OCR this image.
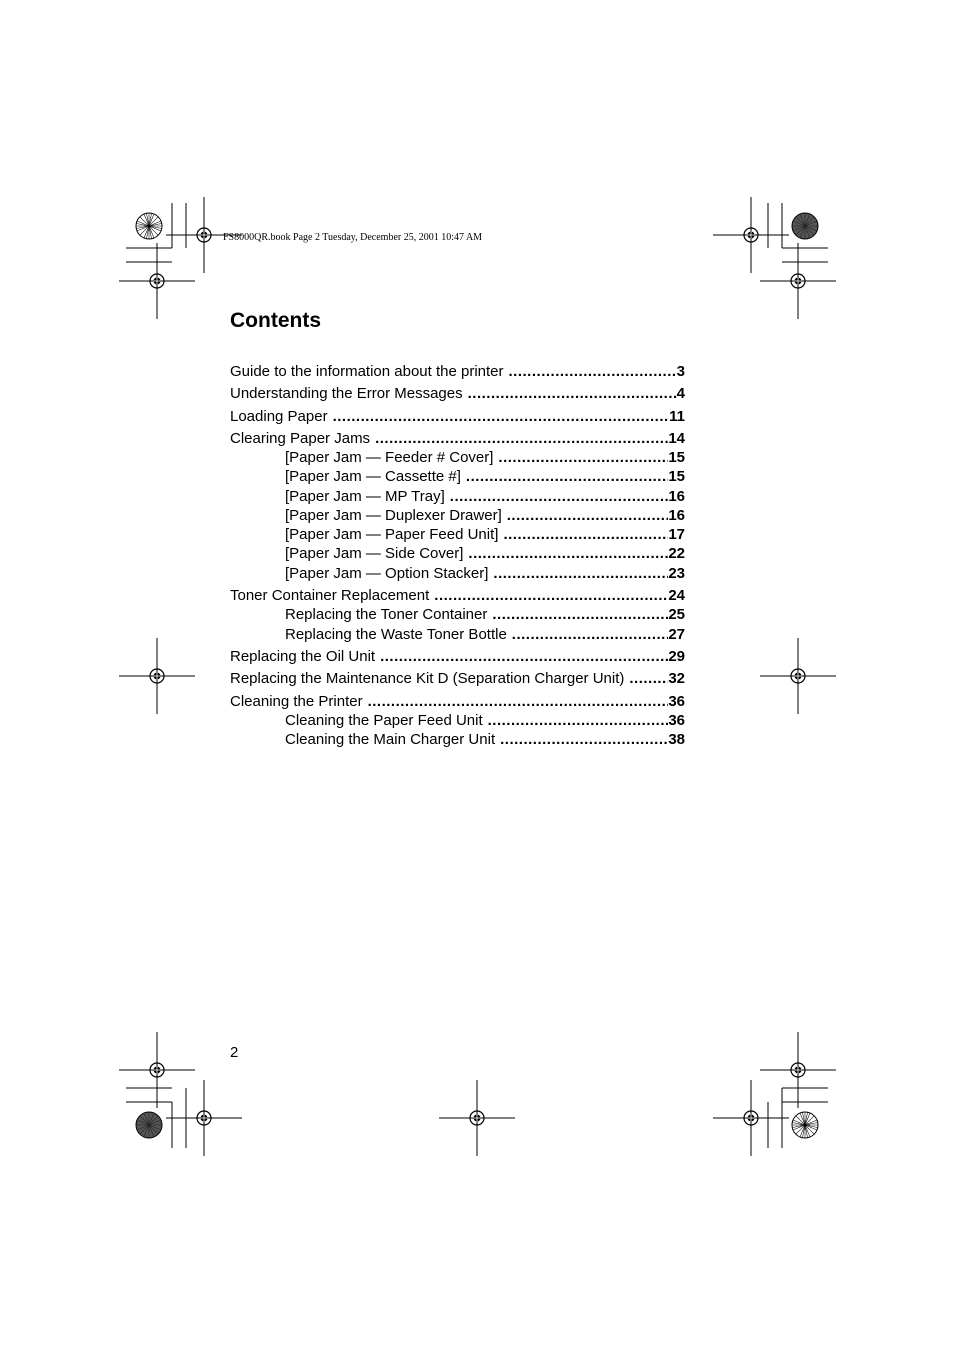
FS8000QR.book Page 2 Tuesday, December 25, 2001 10:47 AM
Contents
Guide to the information about the printer .....	3
Understanding the Error Messages .....	4
Loading Paper .....	11
Clearing Paper Jams .....	14
[Paper Jam — Feeder # Cover] .....	15
[Paper Jam — Cassette #] .....	15
[Paper Jam — MP Tray] .....	16
[Paper Jam — Duplexer Drawer] .....	16
[Paper Jam — Paper Feed Unit] .....	17
[Paper Jam — Side Cover] .....	22
[Paper Jam — Option Stacker] .....	23
Toner Container Replacement .....	24
Replacing the Toner Container .....	25
Replacing the Waste Toner Bottle .....	27
Replacing the Oil Unit .....	29
Replacing the Maintenance Kit D (Separation Charger Unit) .....	32
Cleaning the Printer .....	36
Cleaning the Paper Feed Unit .....	36
Cleaning the Main Charger Unit .....	38
2
